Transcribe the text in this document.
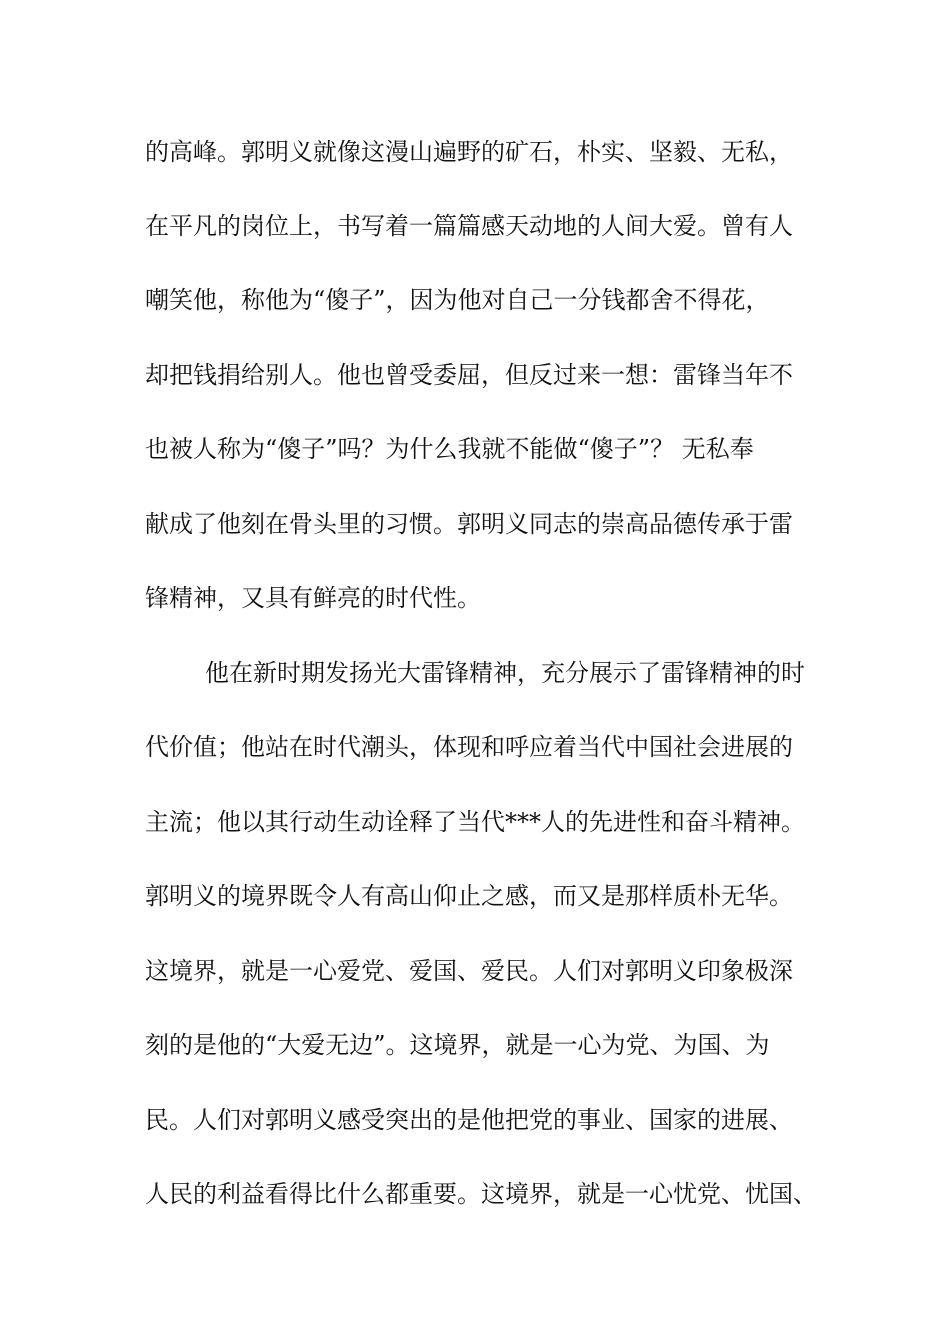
的高峰。郭明义就像这漫山遍野的矿石，朴实、坚毅、无私，
在平凡的岗位上，书写着一篇篇感天动地的人间大爱。曾有人
嘲笑他，称他为“傻子”，因为他对自己一分钱都舍不得花，
却把钱捐给别人。他也曾受委屈，但反过来一想：雷锋当年不
也被人称为“傻子”吗？为什么我就不能做“傻子”？ 无私奉
献成了他刻在骨头里的习惯。郭明义同志的崇高品德传承于雷
锋精神，又具有鲜亮的时代性。
他在新时期发扬光大雷锋精神，充分展示了雷锋精神的时
代价值；他站在时代潮头，体现和呼应着当代中国社会进展的
主流；他以其行动生动诠释了当代***人的先进性和奋斗精神。
郭明义的境界既令人有高山仰止之感，而又是那样质朴无华。
这境界，就是一心爱党、爱国、爱民。人们对郭明义印象极深
刻的是他的“大爱无边”。这境界，就是一心为党、为国、为
民。人们对郭明义感受突出的是他把党的事业、国家的进展、
人民的利益看得比什么都重要。这境界，就是一心忧党、忧国、
